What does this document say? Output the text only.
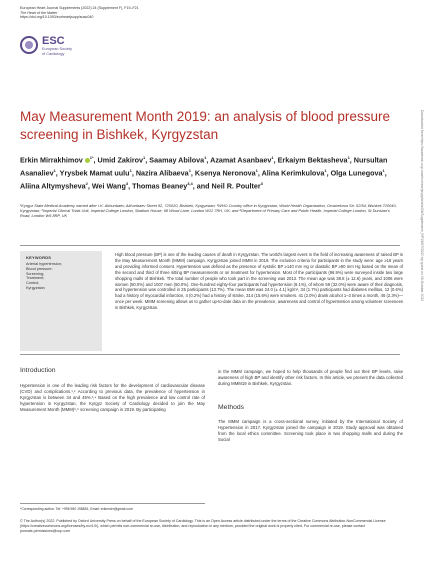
European Heart Journal Supplements (2022) 24 (Supplement F), F19–F21
The Heart of the Matter
https://doi.org/10.1093/eurheartjsupp/suac040
ESC
European Society
of Cardiology
Downloaded from https://academic.oup.com/eurheartjsupp/article/24/Supplement_F/F19/6705220 by guest on 08 October 2022
May Measurement Month 2019: an analysis of blood pressure screening in Bishkek, Kyrgyzstan
Erkin Mirrakhimov $^{1*}$, Umid Zakirov$^1$, Saamay Abilova$^1$, Azamat Asanbaev$^1$, Erkaiym Bektasheva$^1$, Nursultan Asanaliev$^1$, Yrysbek Mamat uulu$^1$, Nazira Alibaeva$^1$, Ksenya Neronova$^1$, Alina Kerimkulova$^1$, Olga Lunegova$^1$, Aliina Altymysheva$^2$, Wei Wang$^3$, Thomas Beaney$^{3,4}$, and Neil R. Poulter$^3$
¹Kyrgyz State Medical Academy named after I.K. Akhunbaev, Akhunbaev Street 92, 720020, Bishkek, Kyrgyzstan; ²WHO Country office in Kyrgyzstan, World Health Organization, Orozbekova Str. 52/54, Bishkek 720040, Kyrgyzstan; ³Imperial Clinical Trials Unit, Imperial College London, Stadium House, 68 Wood Lane, London W12 7RH, UK; and ⁴Department of Primary Care and Public Health, Imperial College London, St Dunstan's Road, London W6 8RP, UK
KEYWORDS
Arterial hypertension;
Blood pressure;
Screening;
Treatment;
Control;
Kyrgyzstan
High blood pressure (BP) is one of the leading causes of death in Kyrgyzstan. The world's largest event in the field of increasing awareness of raised BP is the May Measurement Month (MMM) campaign. Kyrgyzstan joined MMM in 2019. The inclusion criteria for participants in the study were: age ≥18 years and providing informed consent. Hypertension was defined as the presence of systolic BP ≥140 mm Hg or diastolic BP ≥90 mm Hg based on the mean of the second and third of three sitting BP measurements or on treatment for hypertension. Most of the participants (96.9%) were surveyed inside two large shopping malls of Bishkek. The total number of people who took part in the screening was 2013. The mean age was 38.8 (± 12.6) years, and 1006 were women (50.0%) and 1007 men (50.0%). One-hundred eighty-four participants had hypertension (9.1%), of whom 59 (32.0%) were aware of their diagnosis, and hypertension was controlled in 25 participants (13.7%). The mean BMI was 24.0 (± 4.1) kg/m², 34 (1.7%) participants had diabetes mellitus, 12 (0.6%) had a history of myocardial infarction, 4 (0.2%) had a history of stroke, 314 (15.6%) were smokers. 41 (2.0%) drank alcohol 1–3 times a month, 46 (2.3%)—once per week. MMM screening allows us to gather up-to-date data on the prevalence, awareness and control of hypertension among volunteer screenees in Bishkek, Kyrgyzstan.
Introduction
Hypertension is one of the leading risk factors for the development of cardiovascular disease (CVD) and complications.¹,² According to previous data, the prevalence of hypertension in Kyrgyzstan is between 34 and 45%.³,⁴ Based on the high prevalence and low control rate of hypertension in Kyrgyzstan, the Kyrgyz Society of Cardiology decided to join the May Measurement Month (MMM)⁵,⁶ screening campaign in 2019. By participating
in the MMM campaign, we hoped to help thousands of people find out their BP levels, raise awareness of high BP and identify other risk factors. In this article, we present the data collected during MMM19 in Bishkek, Kyrgyzstan.
Methods
The MMM campaign is a cross-sectional survey, initiated by the International Society of Hypertension in 2017. Kyrgyzstan joined the campaign in 2019. Study approval was obtained from the local ethics committee. Screening took place in two shopping malls and during the Social
*Corresponding author. Tel: +996 550 198851, Email: erkinmirr@gmail.com
© The Author(s) 2022. Published by Oxford University Press on behalf of the European Society of Cardiology. This is an Open Access article distributed under the terms of the Creative Commons Attribution-NonCommercial License (https://creativecommons.org/licenses/by-nc/4.0/), which permits non-commercial re-use, distribution, and reproduction in any medium, provided the original work is properly cited. For commercial re-use, please contact journals.permissions@oup.com
